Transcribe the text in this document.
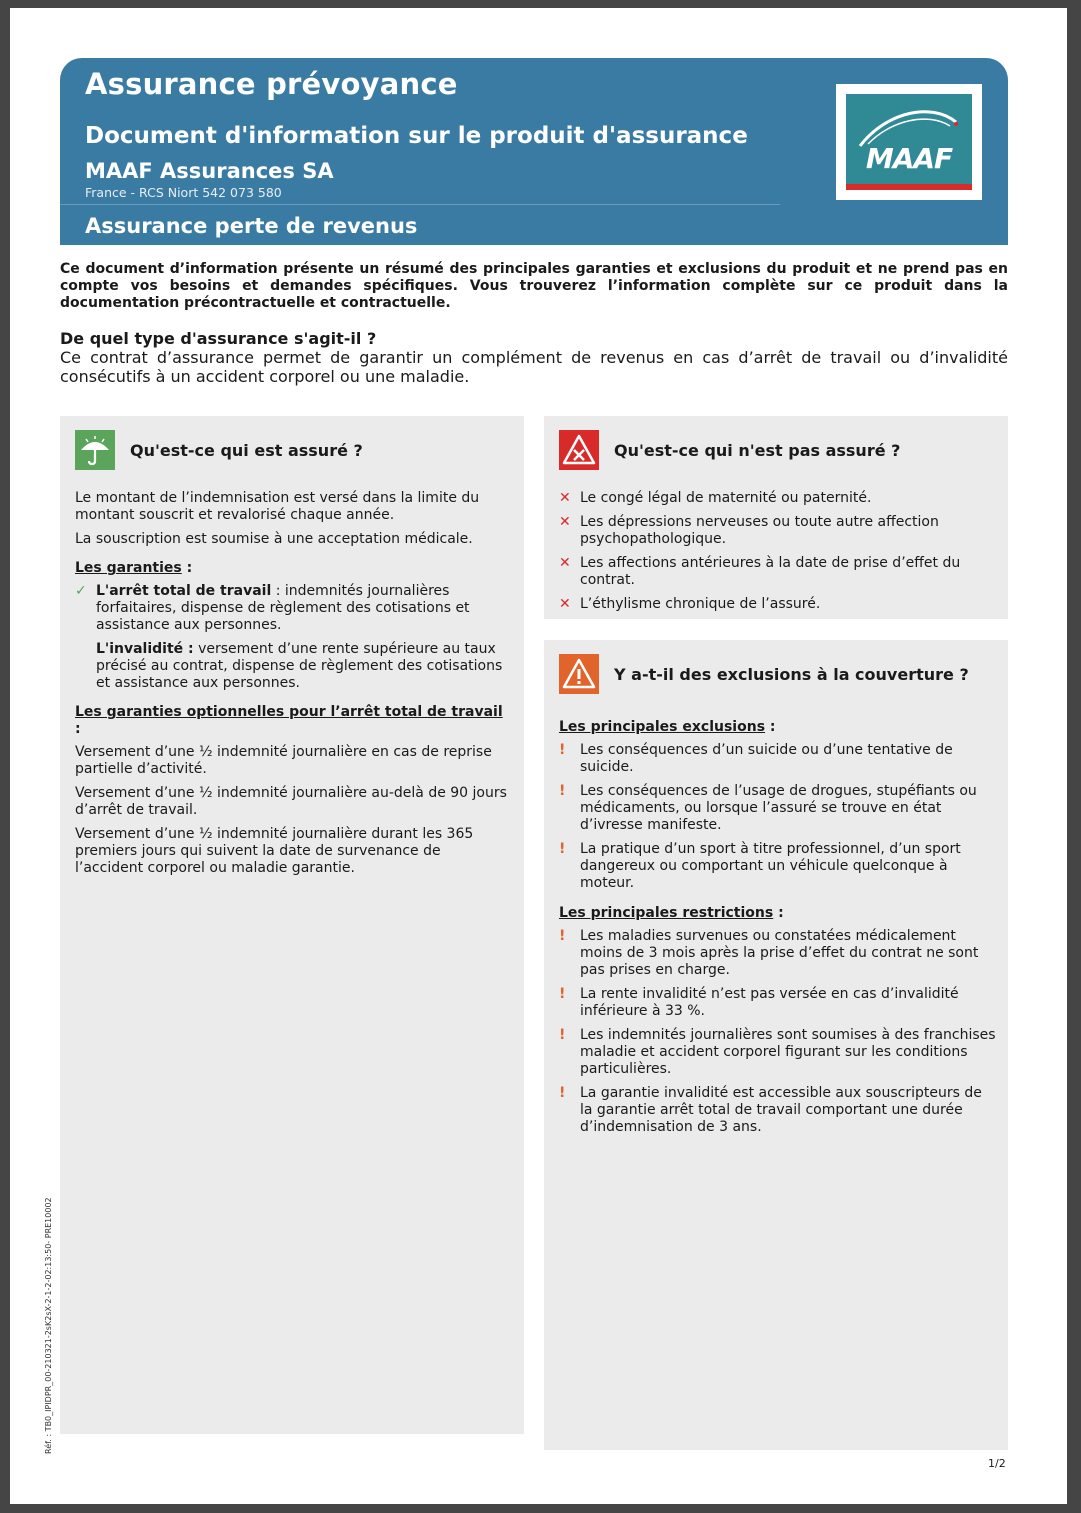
Assurance prévoyance
Document d'information sur le produit d'assurance
MAAF Assurances SA
France - RCS Niort 542 073 580
Assurance perte de revenus
MAAF
Ce document d’information présente un résumé des principales garanties et exclusions du produit et ne prend pas en compte vos besoins et demandes spécifiques. Vous trouverez l’information complète sur ce produit dans la documentation précontractuelle et contractuelle.
De quel type d'assurance s'agit-il ?
Ce contrat d’assurance permet de garantir un complément de revenus en cas d’arrêt de travail ou d’invalidité consécutifs à un accident corporel ou une maladie.
Qu'est-ce qui est assuré ?

Le montant de l’indemnisation est versé dans la limite du montant souscrit et revalorisé chaque année.

La souscription est soumise à une acceptation médicale.

Les garanties :
✓ L'arrêt total de travail : indemnités journalières forfaitaires, dispense de règlement des cotisations et assistance aux personnes.
L'invalidité : versement d’une rente supérieure au taux précisé au contrat, dispense de règlement des cotisations et assistance aux personnes.
Les garanties optionnelles pour l’arrêt total de travail :

Versement d’une ½ indemnité journalière en cas de reprise partielle d’activité.

Versement d’une ½ indemnité journalière au-delà de 90 jours d’arrêt de travail.

Versement d’une ½ indemnité journalière durant les 365 premiers jours qui suivent la date de survenance de l’accident corporel ou maladie garantie.

Qu'est-ce qui n'est pas assuré ?
✕ Le congé légal de maternité ou paternité.
✕ Les dépressions nerveuses ou toute autre affection psychopathologique.
✕ Les affections antérieures à la date de prise d’effet du contrat.
✕ L’éthylisme chronique de l’assuré.
Y a-t-il des exclusions à la couverture ?
Les principales exclusions :
! Les conséquences d’un suicide ou d’une tentative de suicide.
! Les conséquences de l’usage de drogues, stupéfiants ou médicaments, ou lorsque l’assuré se trouve en état d’ivresse manifeste.
! La pratique d’un sport à titre professionnel, d’un sport dangereux ou comportant un véhicule quelconque à moteur.
Les principales restrictions :
! Les maladies survenues ou constatées médicalement moins de 3 mois après la prise d’effet du contrat ne sont pas prises en charge.
! La rente invalidité n’est pas versée en cas d’invalidité inférieure à 33 %.
! Les indemnités journalières sont soumises à des franchises maladie et accident corporel figurant sur les conditions particulières.
! La garantie invalidité est accessible aux souscripteurs de la garantie arrêt total de travail comportant une durée d’indemnisation de 3 ans.
Réf. : TB0_IPIDPR_00-210321-2sK2sX-2-1-2-02:13:50- PRE10002
1/2
